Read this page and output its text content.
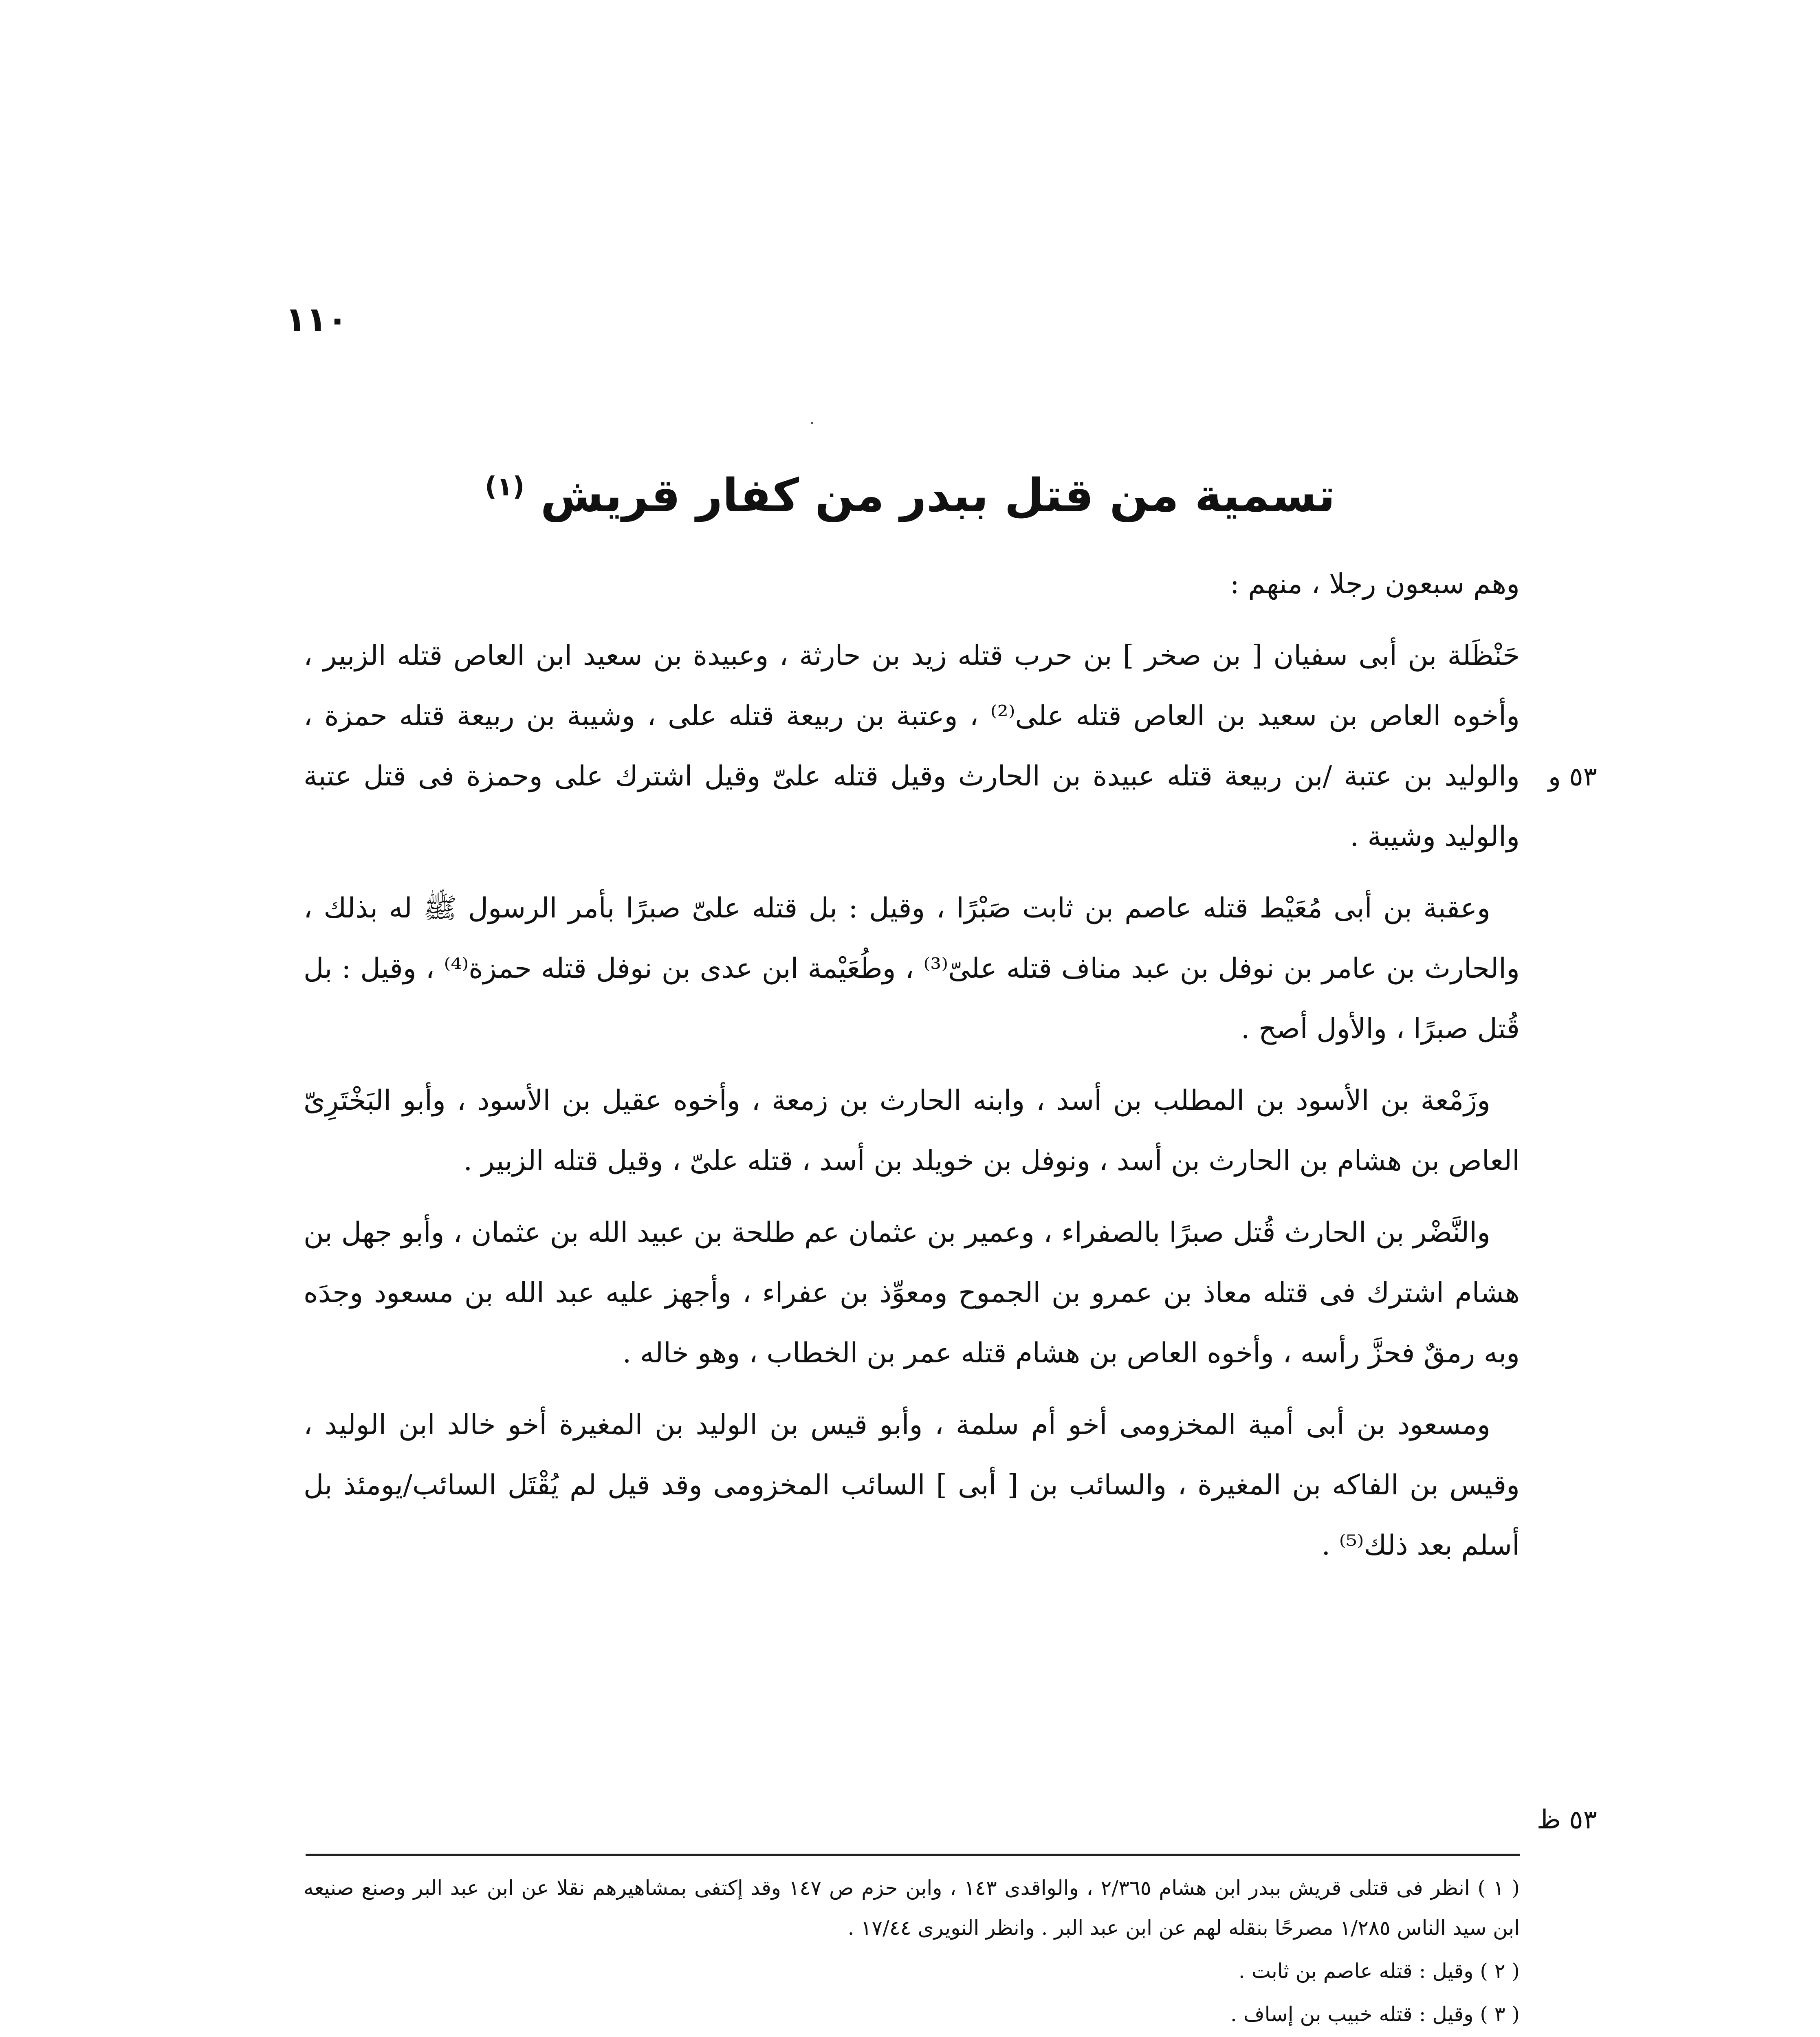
١١٠
تسمية من قتل ببدر من كفار قريش $^{(١)}$

وهم سبعون رجلا ، منهم :

حَنْظَلة بن أبى سفيان [ بن صخر ] بن حرب قتله زيد بن حارثة ، وعبيدة بن سعيد ابن العاص قتله الزبير ، وأخوه العاص بن سعيد بن العاص قتله على⁽²⁾ ، وعتبة بن ربيعة قتله على ، وشيبة بن ربيعة قتله حمزة ، والوليد بن عتبة /بن ربيعة قتله عبيدة بن الحارث وقيل قتله علىّ وقيل اشترك على وحمزة فى قتل عتبة والوليد وشيبة .

وعقبة بن أبى مُعَيْط قتله عاصم بن ثابت صَبْرًا ، وقيل : بل قتله علىّ صبرًا بأمر الرسول ﷺ له بذلك ، والحارث بن عامر بن نوفل بن عبد مناف قتله علىّ⁽³⁾ ، وطُعَيْمة ابن عدى بن نوفل قتله حمزة⁽⁴⁾ ، وقيل : بل قُتل صبرًا ، والأول أصح .

وزَمْعة بن الأسود بن المطلب بن أسد ، وابنه الحارث بن زمعة ، وأخوه عقيل بن الأسود ، وأبو البَخْتَرِىّ العاص بن هشام بن الحارث بن أسد ، ونوفل بن خويلد بن أسد ، قتله علىّ ، وقيل قتله الزبير .

والنَّضْر بن الحارث قُتل صبرًا بالصفراء ، وعمير بن عثمان عم طلحة بن عبيد الله بن عثمان ، وأبو جهل بن هشام اشترك فى قتله معاذ بن عمرو بن الجموح ومعوِّذ بن عفراء ، وأجهز عليه عبد الله بن مسعود وجدَه وبه رمقٌ فحزَّ رأسه ، وأخوه العاص بن هشام قتله عمر بن الخطاب ، وهو خاله .

ومسعود بن أبى أمية المخزومى أخو أم سلمة ، وأبو قيس بن الوليد بن المغيرة أخو خالد ابن الوليد ، وقيس بن الفاكه بن المغيرة ، والسائب بن [ أبى ] السائب المخزومى وقد قيل لم يُقْتَل السائب/يومئذ بل أسلم بعد ذلك⁽⁵⁾ .

٥٣ و
٥٣ ظ

( ١ ) انظر فى قتلى قريش ببدر ابن هشام ٢/٣٦٥ ، والواقدى ١٤٣ ، وابن حزم ص ١٤٧ وقد إكتفى بمشاهيرهم نقلا عن ابن عبد البر وصنع صنيعه ابن سيد الناس ١/٢٨٥ مصرحًا بنقله لهم عن ابن عبد البر . وانظر النويرى ١٧/٤٤ .

( ٢ ) وقيل : قتله عاصم بن ثابت .

( ٣ ) وقيل : قتله خبيب بن إساف .
